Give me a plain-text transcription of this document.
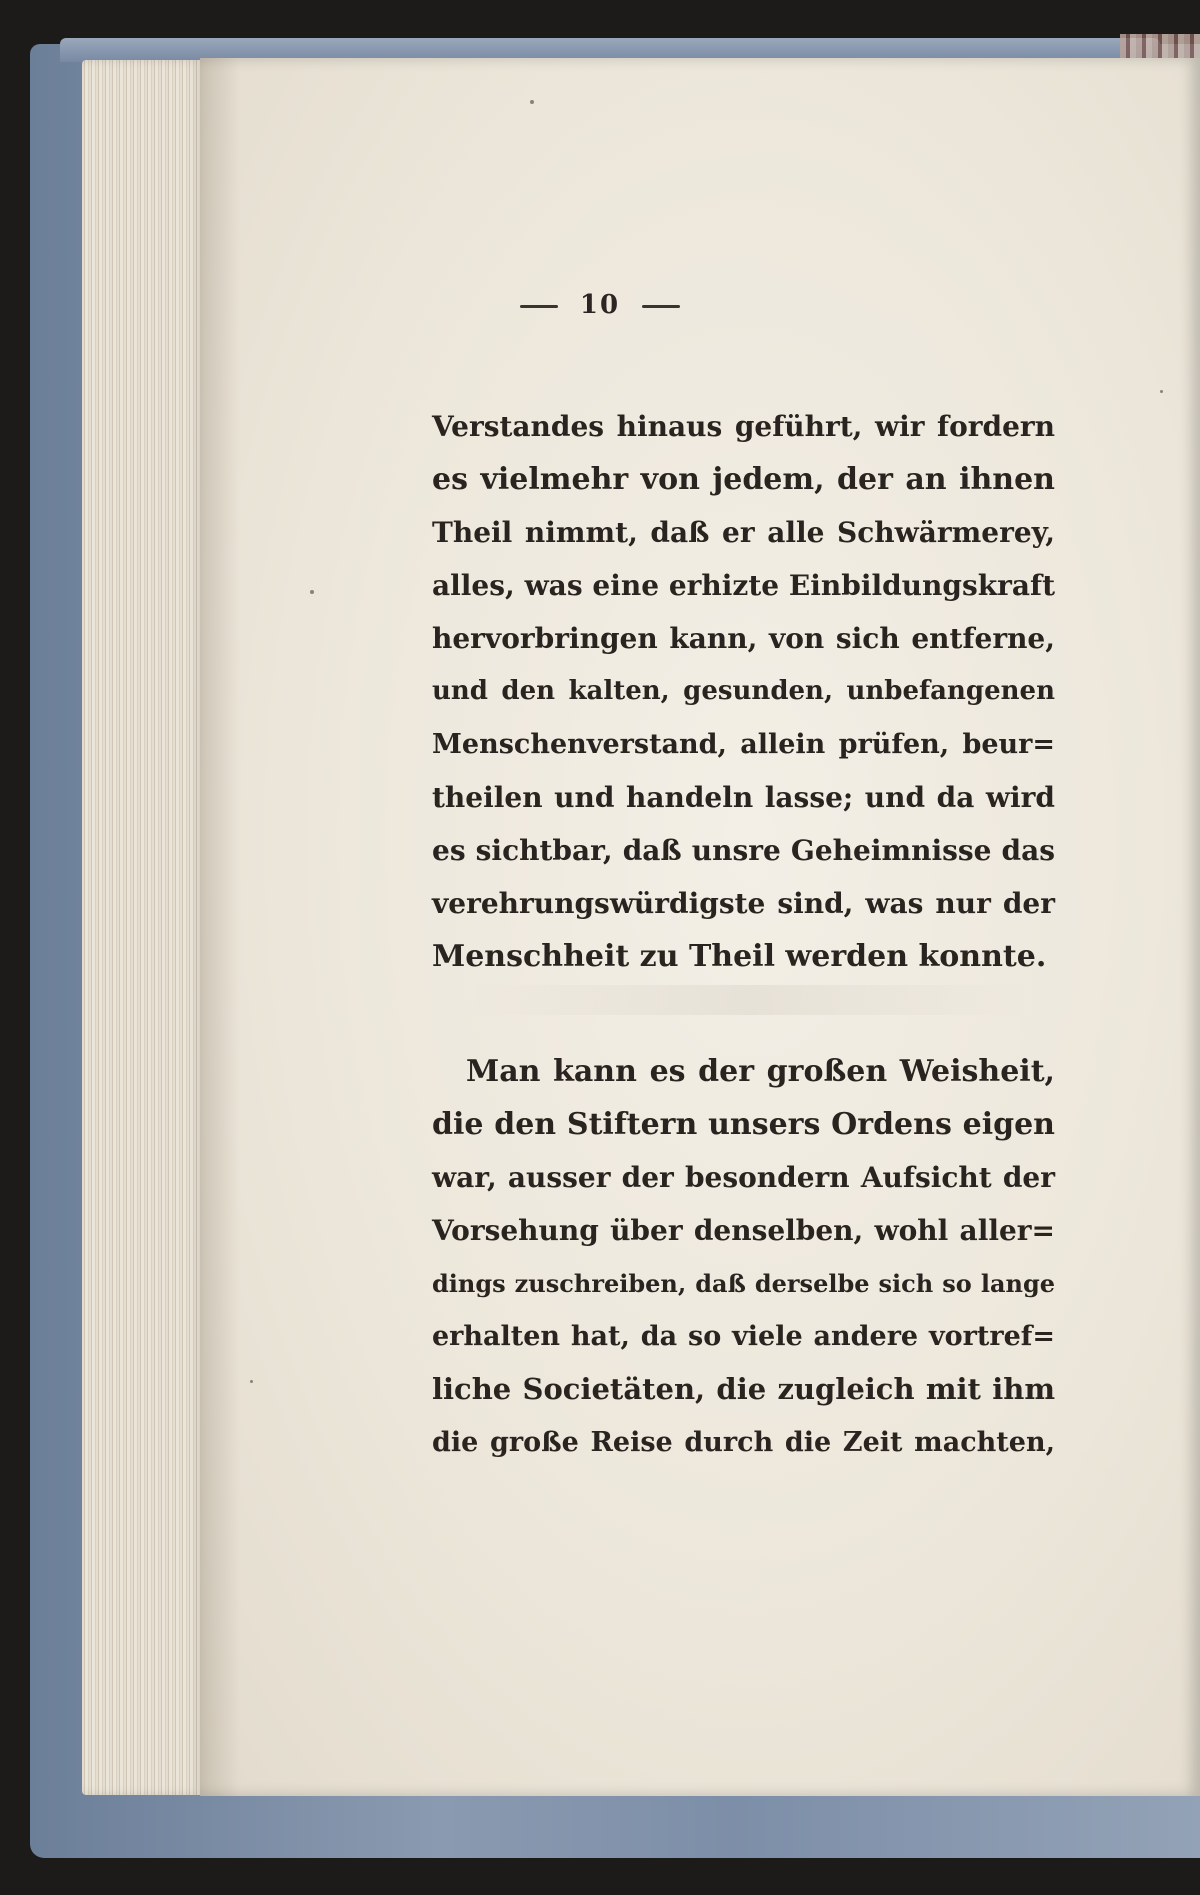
10
Verstandes hinaus geführt, wir fordern
es vielmehr von jedem, der an ihnen
Theil nimmt, daß er alle Schwärmerey,
alles, was eine erhizte Einbildungskraft
hervorbringen kann, von sich entferne,
und den kalten, gesunden, unbefangenen
Menschenverstand, allein prüfen, beur=
theilen und handeln lasse; und da wird
es sichtbar, daß unsre Geheimnisse das
verehrungswürdigste sind, was nur der
Menschheit zu Theil werden konnte.
Man kann es der großen Weisheit,
die den Stiftern unsers Ordens eigen
war, ausser der besondern Aufsicht der
Vorsehung über denselben, wohl aller=
dings zuschreiben, daß derselbe sich so lange
erhalten hat, da so viele andere vortref=
liche Societäten, die zugleich mit ihm
die große Reise durch die Zeit machten,
